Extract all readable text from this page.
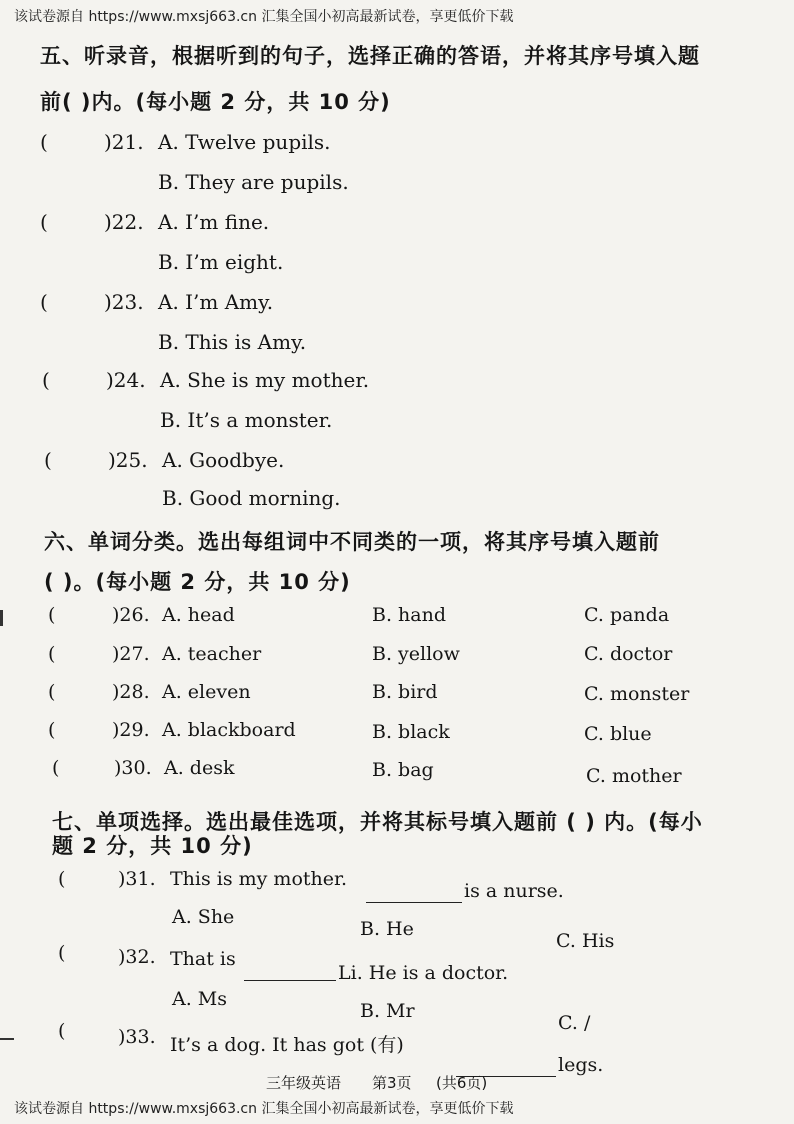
该试卷源自 https://www.mxsj663.cn 汇集全国小初高最新试卷，享更低价下载
五、听录音，根据听到的句子，选择正确的答语，并将其序号填入题
前( )内。(每小题 2 分，共 10 分)
(	)21. A. Twelve pupils.
B. They are pupils.
(	)22. A. I’m fine.
B. I’m eight.
(	)23. A. I’m Amy.
B. This is Amy.
(	)24. A. She is my mother.
B. It’s a monster.
(	)25. A. Goodbye.
B. Good morning.
六、单词分类。选出每组词中不同类的一项，将其序号填入题前
( )。(每小题 2 分，共 10 分)
(	)26. A. head	B. hand	C. panda
(	)27. A. teacher	B. yellow	C. doctor
(	)28. A. eleven	B. bird	C. monster
(	)29. A. blackboard	B. black	C. blue
(	)30. A. desk	B. bag	C. mother
七、单项选择。选出最佳选项，并将其标号填入题前 ( ) 内。(每小
题 2 分，共 10 分)
(	)31. This is my mother.
is a nurse.
A. She
B. He
C. His
(	)32. That is
Li. He is a doctor.
A. Ms
B. Mr
C. /
(	)33. It’s a dog. It has got (有)
legs.
三年级英语 第3页 (共6页)
该试卷源自 https://www.mxsj663.cn 汇集全国小初高最新试卷，享更低价下载
